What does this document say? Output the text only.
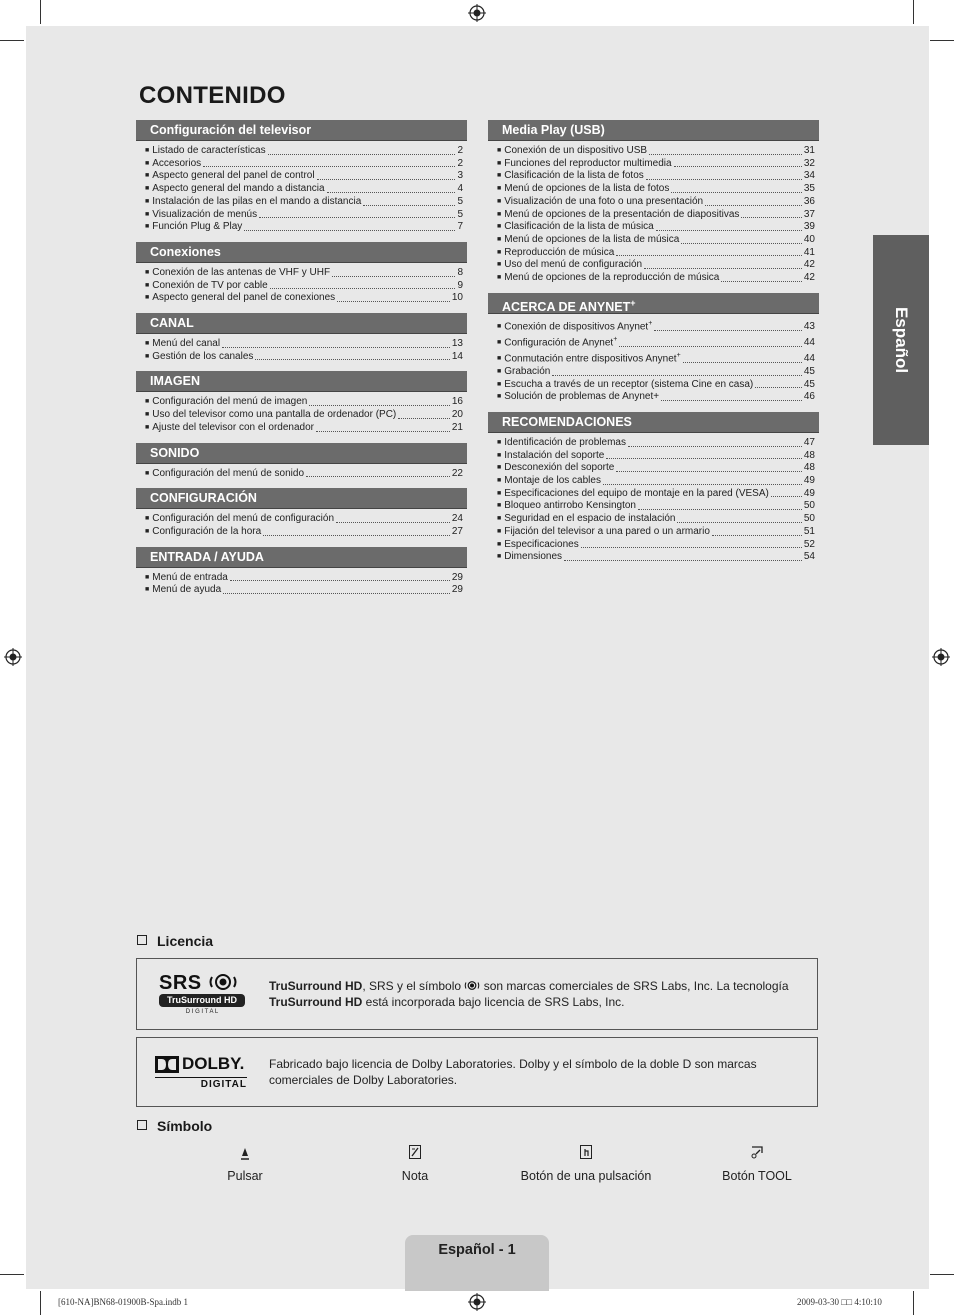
CONTENIDO
Configuración del televisor
■ Listado de características	2
■ Accesorios	2
■ Aspecto general del panel de control	3
■ Aspecto general del mando a distancia	4
■ Instalación de las pilas en el mando a distancia	5
■ Visualización de menús	5
■ Función Plug & Play	7
Conexiones
■ Conexión de las antenas de VHF y UHF	8
■ Conexión de TV por cable	9
■ Aspecto general del panel de conexiones	10
CANAL
■ Menú del canal	13
■ Gestión de los canales	14
IMAGEN
■ Configuración del menú de imagen	16
■ Uso del televisor como una pantalla de ordenador (PC)	20
■ Ajuste del televisor con el ordenador	21
SONIDO
■ Configuración del menú de sonido	22
CONFIGURACIÓN
■ Configuración del menú de configuración	24
■ Configuración de la hora	27
ENTRADA / AYUDA
■ Menú de entrada	29
■ Menú de ayuda	29
Media Play (USB)
■ Conexión de un dispositivo USB	31
■ Funciones del reproductor multimedia	32
■ Clasificación de la lista de fotos	34
■ Menú de opciones de la lista de fotos	35
■ Visualización de una foto o una presentación	36
■ Menú de opciones de la presentación de diapositivas	37
■ Clasificación de la lista de música	39
■ Menú de opciones de la lista de música	40
■ Reproducción de música	41
■ Uso del menú de configuración	42
■ Menú de opciones de la reproducción de música	42
ACERCA DE ANYNET+
■ Conexión de dispositivos Anynet+	43
■ Configuración de Anynet+	44
■ Conmutación entre dispositivos Anynet+	44
■ Grabación	45
■ Escucha a través de un receptor (sistema Cine en casa)	45
■ Solución de problemas de Anynet+	46
RECOMENDACIONES
■ Identificación de problemas	47
■ Instalación del soporte	48
■ Desconexión del soporte	48
■ Montaje de los cables	49
■ Especificaciones del equipo de montaje en la pared (VESA)	49
■ Bloqueo antirrobo Kensington	50
■ Seguridad en el espacio de instalación	50
■ Fijación del televisor a una pared o un armario	51
■ Especificaciones	52
■ Dimensiones	54
Español
Licencia
SRS
TruSurround HD
D I G I T A L
TruSurround HD, SRS y el símbolo  son marcas comerciales de SRS Labs, Inc. La tecnología TruSurround HD está incorporada bajo licencia de SRS Labs, Inc.
DOLBY.
DIGITAL
Fabricado bajo licencia de Dolby Laboratories. Dolby y el símbolo de la doble D son marcas comerciales de Dolby Laboratories.
Símbolo
Pulsar	Nota	Botón de una pulsación	Botón TOOL
Español - 1
[610-NA]BN68-01900B-Spa.indb 1	2009-03-30 □□ 4:10:10
